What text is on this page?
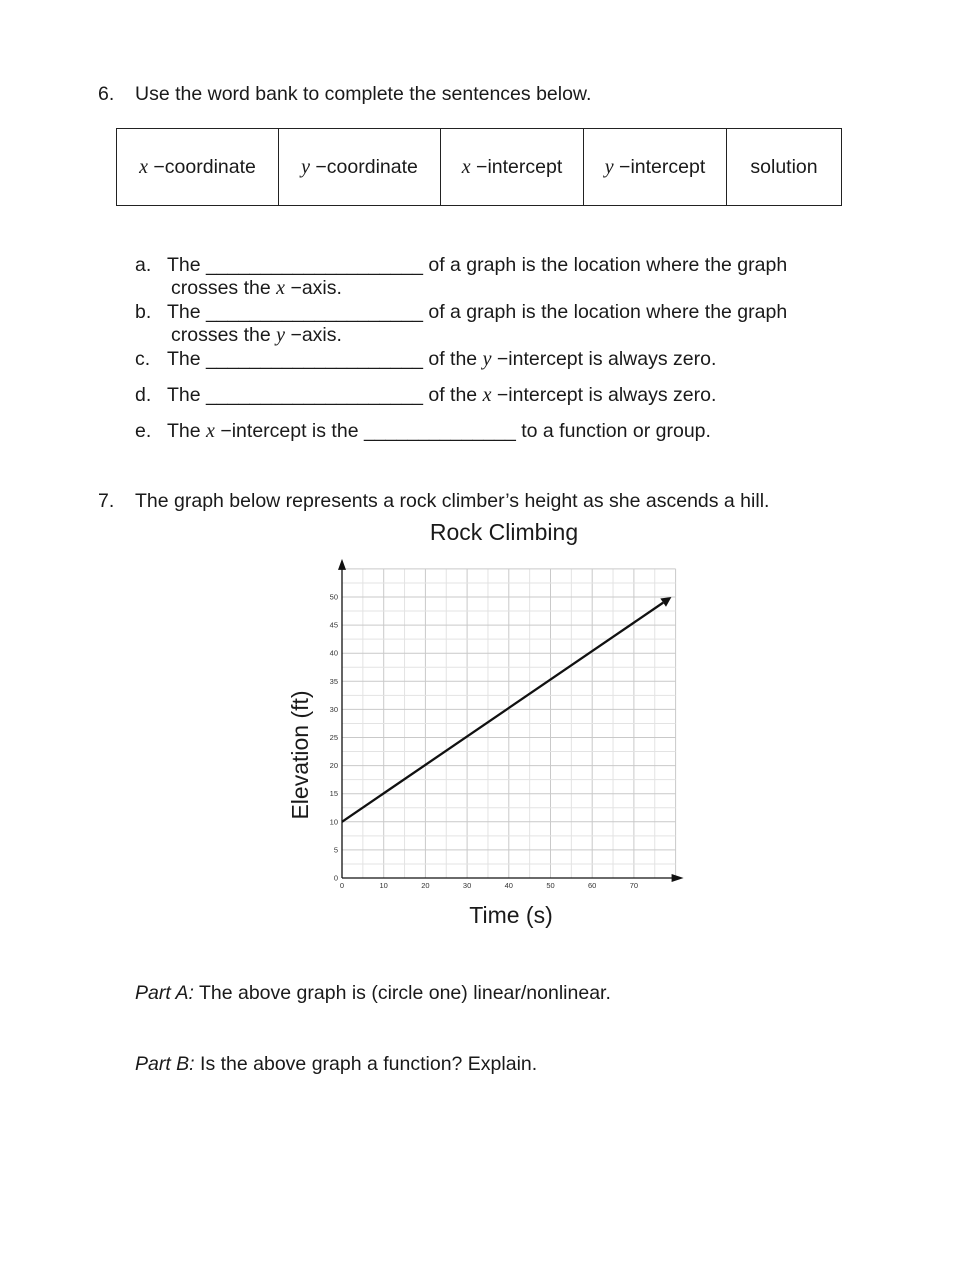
6. Use the word bank to complete the sentences below.
x −coordinate	y −coordinate	x −intercept	y −intercept	solution
a. The ____________________ of a graph is the location where the graph
crosses the x −axis.
b. The ____________________ of a graph is the location where the graph
crosses the y −axis.
c. The ____________________ of the y −intercept is always zero.
d. The ____________________ of the x −intercept is always zero.
e. The x −intercept is the ______________ to a function or group.
7. The graph below represents a rock climber’s height as she ascends a hill.
Rock Climbing
0	10	20	30	40	50	60	70
0
5
10
15
20
25
30
35
40
45
50
Elevation (ft)
Time (s)
Part A: The above graph is (circle one) linear/nonlinear.
Part B: Is the above graph a function? Explain.
